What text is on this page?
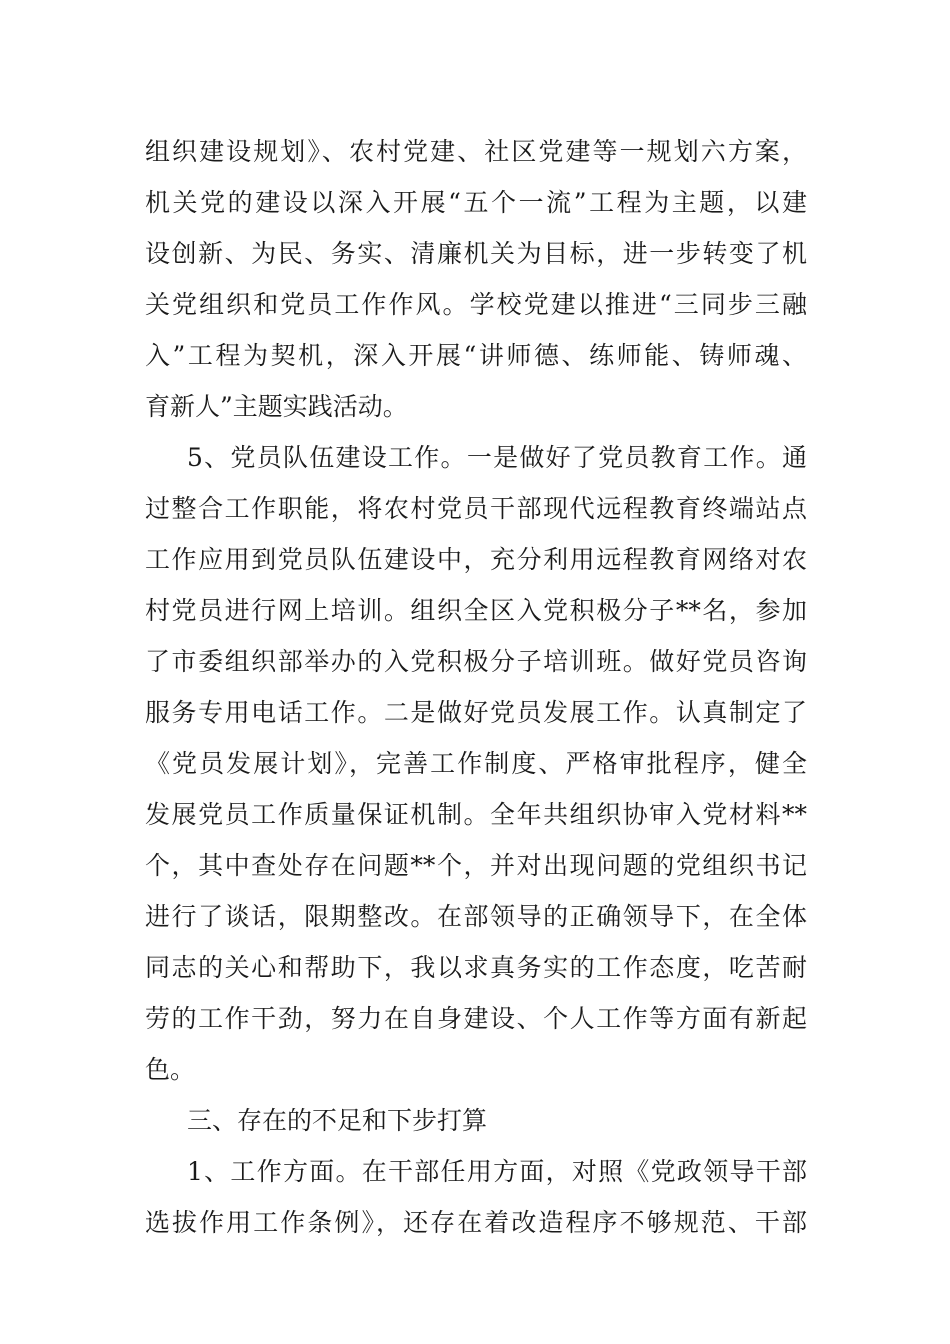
组织建设规划》、农村党建、社区党建等一规划六方案，
机关党的建设以深入开展“五个一流”工程为主题，以建
设创新、为民、务实、清廉机关为目标，进一步转变了机
关党组织和党员工作作风。学校党建以推进“三同步三融
入”工程为契机，深入开展“讲师德、练师能、铸师魂、
育新人”主题实践活动。
5、党员队伍建设工作。一是做好了党员教育工作。通
过整合工作职能，将农村党员干部现代远程教育终端站点
工作应用到党员队伍建设中，充分利用远程教育网络对农
村党员进行网上培训。组织全区入党积极分子**名，参加
了市委组织部举办的入党积极分子培训班。做好党员咨询
服务专用电话工作。二是做好党员发展工作。认真制定了
《党员发展计划》，完善工作制度、严格审批程序，健全
发展党员工作质量保证机制。全年共组织协审入党材料**
个，其中查处存在问题**个，并对出现问题的党组织书记
进行了谈话，限期整改。在部领导的正确领导下，在全体
同志的关心和帮助下，我以求真务实的工作态度，吃苦耐
劳的工作干劲，努力在自身建设、个人工作等方面有新起
色。
三、存在的不足和下步打算
1、工作方面。在干部任用方面，对照《党政领导干部
选拔作用工作条例》，还存在着改造程序不够规范、干部
